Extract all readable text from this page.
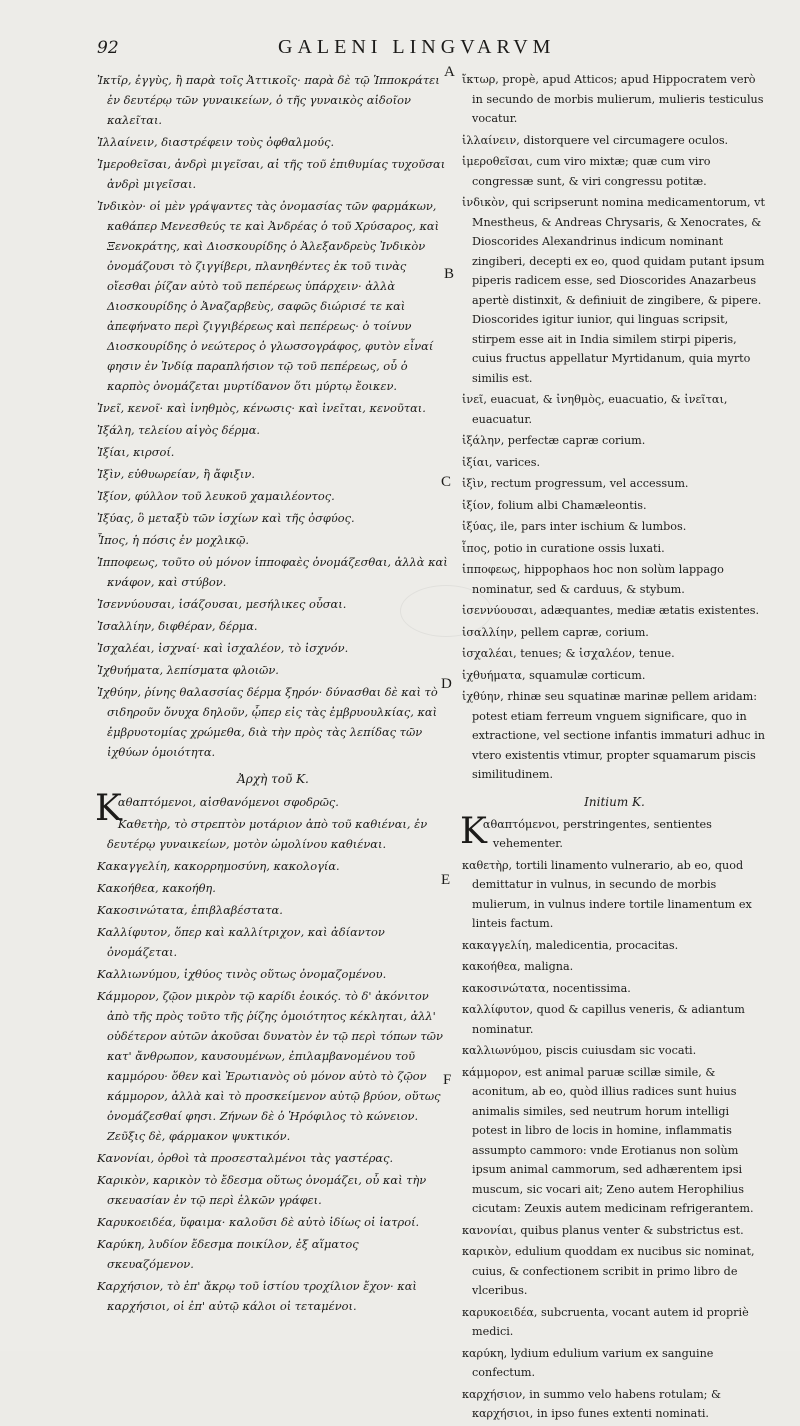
92	GALENI LINGVARVM
A
B
C
D
E
F
Ἰκτῖρ, ἐγγὺς, ἢ παρὰ τοῖς Ἀττικοῖς· παρὰ δὲ τῷ Ἱπποκράτει ἐν δευτέρῳ τῶν γυναικείων, ὁ τῆς γυναικὸς αἰδοῖον καλεῖται.
Ἰλλαίνειν, διαστρέφειν τοὺς ὀφθαλμούς.
Ἰμεροθεῖσαι, ἀνδρὶ μιγεῖσαι, αἱ τῆς τοῦ ἐπιθυμίας τυχοῦσαι ἀνδρὶ μιγεῖσαι.
Ἰνδικὸν· οἱ μὲν γράψαντες τὰς ὀνομασίας τῶν φαρμάκων, καθάπερ Μενεσθεύς τε καὶ Ἀνδρέας ὁ τοῦ Χρύσαρος, καὶ Ξενοκράτης, καὶ Διοσκουρίδης ὁ Ἀλεξανδρεὺς Ἰνδικὸν ὀνομάζουσι τὸ ζιγγίβερι, πλανηθέντες ἐκ τοῦ τινὰς οἴεσθαι ῥίζαν αὐτὸ τοῦ πεπέρεως ὑπάρχειν· ἀλλὰ Διοσκουρίδης ὁ Ἀναζαρβεὺς, σαφῶς διώρισέ τε καὶ ἀπεφήνατο περὶ ζιγγιβέρεως καὶ πεπέρεως· ὁ τοίνυν Διοσκουρίδης ὁ νεώτερος ὁ γλωσσογράφος, φυτὸν εἶναί φησιν ἐν Ἰνδίᾳ παραπλήσιον τῷ τοῦ πεπέρεως, οὗ ὁ καρπὸς ὀνομάζεται μυρτίδανον ὅτι μύρτῳ ἔοικεν.
Ἰνεῖ, κενοῖ· καὶ ἰνηθμὸς, κένωσις· καὶ ἰνεῖται, κενοῦται.
Ἰξάλη, τελείου αἰγὸς δέρμα.
Ἰξίαι, κιρσοί.
Ἰξὶν, εὐθυωρείαν, ἢ ἄφιξιν.
Ἰξίον, φύλλον τοῦ λευκοῦ χαμαιλέοντος.
Ἰξύας, ὃ μεταξὺ τῶν ἰσχίων καὶ τῆς ὀσφύος.
Ἶπος, ἡ πόσις ἐν μοχλικῷ.
Ἱπποφεως, τοῦτο οὐ μόνον ἱπποφαὲς ὀνομάζεσθαι, ἀλλὰ καὶ κνάφον, καὶ στύβον.
Ἰσεννύουσαι, ἰσάζουσαι, μεσήλικες οὖσαι.
Ἰσαλλίην, διφθέραν, δέρμα.
Ἰσχαλέαι, ἰσχναί· καὶ ἰσχαλέον, τὸ ἰσχνόν.
Ἰχθυήματα, λεπίσματα φλοιῶν.
Ἰχθύην, ῥίνης θαλασσίας δέρμα ξηρόν· δύνασθαι δὲ καὶ τὸ σιδηροῦν ὄνυχα δηλοῦν, ᾧπερ εἰς τὰς ἐμβρυουλκίας, καὶ ἐμβρυοτομίας χρώμεθα, διὰ τὴν πρὸς τὰς λεπίδας τῶν ἰχθύων ὁμοιότητα.
Ἀρχὴ τοῦ Κ.
Κ
αθαπτόμενοι, αἰσθανόμενοι σφοδρῶς.
Καθετὴρ, τὸ στρεπτὸν μοτάριον ἀπὸ τοῦ καθιέναι, ἐν δευτέρῳ γυναικείων, μοτὸν ὡμολίνου καθιέναι.
Κακαγγελίη, κακορρημοσύνη, κακολογία.
Κακοήθεα, κακοήθη.
Κακοσινώτατα, ἐπιβλαβέστατα.
Καλλίφυτον, ὅπερ καὶ καλλίτριχον, καὶ ἀδίαντον ὀνομάζεται.
Καλλιωνύμου, ἰχθύος τινὸς οὕτως ὀνομαζομένου.
Κάμμορον, ζῷον μικρὸν τῷ καρίδι ἐοικός. τὸ δ' ἀκόνιτον ἀπὸ τῆς πρὸς τοῦτο τῆς ῥίζης ὁμοιότητος κέκληται, ἀλλ' οὐδέτερον αὐτῶν ἀκοῦσαι δυνατὸν ἐν τῷ περὶ τόπων τῶν κατ' ἄνθρωπον, καυσουμένων, ἐπιλαμβανομένου τοῦ καμμόρου· ὅθεν καὶ Ἐρωτιανὸς οὐ μόνον αὐτὸ τὸ ζῷον κάμμορον, ἀλλὰ καὶ τὸ προσκείμενον αὐτῷ βρύον, οὕτως ὀνομάζεσθαί φησι. Ζήνων δὲ ὁ Ἡρόφιλος τὸ κώνειον. Ζεῦξις δὲ, φάρμακον ψυκτικόν.
Κανονίαι, ὀρθοὶ τὰ προσεσταλμένοι τὰς γαστέρας.
Καρικὸν, καρικὸν τὸ ἔδεσμα οὕτως ὀνομάζει, οὗ καὶ τὴν σκευασίαν ἐν τῷ περὶ ἑλκῶν γράφει.
Καρυκοειδέα, ὕφαιμα· καλοῦσι δὲ αὐτὸ ἰδίως οἱ ἰατροί.
Καρύκη, λυδίον ἔδεσμα ποικίλον, ἐξ αἵματος σκευαζόμενον.
Καρχήσιον, τὸ ἐπ' ἄκρῳ τοῦ ἱστίου τροχίλιον ἔχον· καὶ καρχήσιοι, οἱ ἐπ' αὐτῷ κάλοι οἱ τεταμένοι.
ἴκτωρ, propè, apud Atticos; apud Hippocratem verò in secundo de morbis mulierum, mulieris testiculus vocatur.
ἰλλαίνειν, distorquere vel circumagere oculos.
ἱμεροθεῖσαι, cum viro mixtæ; quæ cum viro congressæ sunt, & viri congressu potitæ.
ἰνδικὸν, qui scripserunt nomina medicamentorum, vt Mnestheus, & Andreas Chrysaris, & Xenocrates, & Dioscorides Alexandrinus indicum nominant zingiberi, decepti ex eo, quod quidam putant ipsum piperis radicem esse, sed Dioscorides Anazarbeus apertè distinxit, & definiuit de zingibere, & pipere. Dioscorides igitur iunior, qui linguas scripsit, stirpem esse ait in India similem stirpi piperis, cuius fructus appellatur Myrtidanum, quia myrto similis est.
ἰνεῖ, euacuat, & ἰνηθμὸς, euacuatio, & ἰνεῖται, euacuatur.
ἰξάλην, perfectæ capræ corium.
ἰξίαι, varices.
ἰξὶν, rectum progressum, vel accessum.
ἰξίον, folium albi Chamæleontis.
ἰξύας, ile, pars inter ischium & lumbos.
ἶπος, potio in curatione ossis luxati.
ἱπποφεως, hippophaos hoc non solùm lappago nominatur, sed & carduus, & stybum.
ἰσεννύουσαι, adæquantes, mediæ ætatis existentes.
ἰσαλλίην, pellem capræ, corium.
ἰσχαλέαι, tenues; & ἰσχαλέον, tenue.
ἰχθυήματα, squamulæ corticum.
ἰχθύην, rhinæ seu squatinæ marinæ pellem aridam: potest etiam ferreum vnguem significare, quo in extractione, vel sectione infantis immaturi adhuc in vtero existentis vtimur, propter squamarum piscis similitudinem.
Initium K.
K
αθαπτόμενοι, perstringentes, sentientes vehementer.
καθετὴρ, tortili linamento vulnerario, ab eo, quod demittatur in vulnus, in secundo de morbis mulierum, in vulnus indere tortile linamentum ex linteis factum.
κακαγγελίη, maledicentia, procacitas.
κακοήθεα, maligna.
κακοσινώτατα, nocentissima.
καλλίφυτον, quod & capillus veneris, & adiantum nominatur.
καλλιωνύμου, piscis cuiusdam sic vocati.
κάμμορον, est animal paruæ scillæ simile, & aconitum, ab eo, quòd illius radices sunt huius animalis similes, sed neutrum horum intelligi potest in libro de locis in homine, inflammatis assumpto cammoro: vnde Erotianus non solùm ipsum animal cammorum, sed adhærentem ipsi muscum, sic vocari ait; Zeno autem Herophilius cicutam: Zeuxis autem medicinam refrigerantem.
κανονίαι, quibus planus venter & substrictus est.
καρικὸν, edulium quoddam ex nucibus sic nominat, cuius, & confectionem scribit in primo libro de vlceribus.
καρυκοειδέα, subcruenta, vocant autem id propriè medici.
καρύκη, lydium edulium varium ex sanguine confectum.
καρχήσιον, in summo velo habens rotulam; & καρχήσιοι, in ipso funes extenti nominati.
